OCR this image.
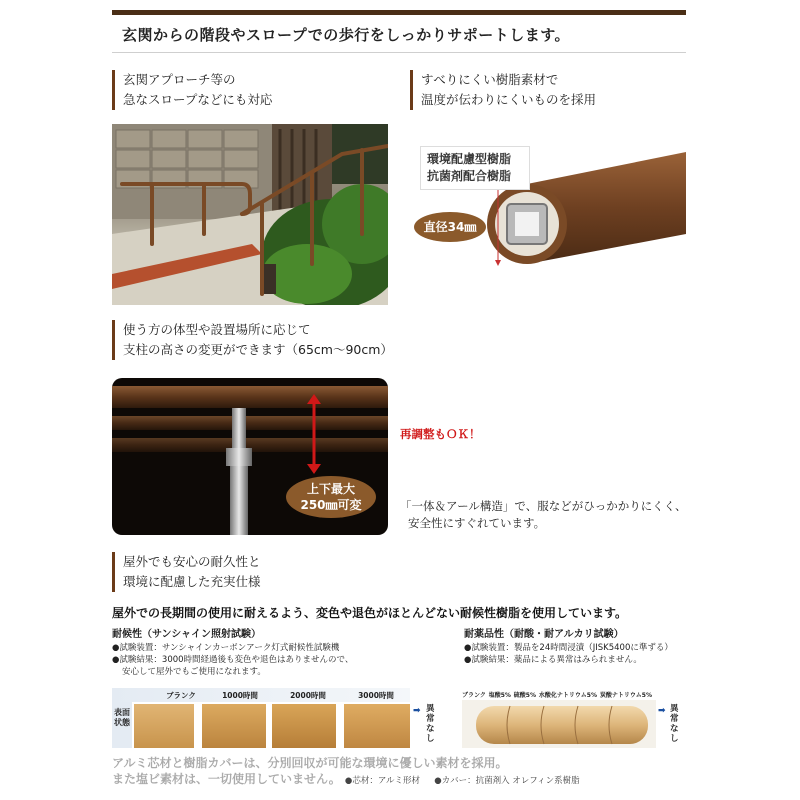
玄関からの階段やスロープでの歩行をしっかりサポートします。
玄関アプローチ等の
急なスロープなどにも対応
すべりにくい樹脂素材で
温度が伝わりにくいものを採用
環境配慮型樹脂
抗菌剤配合樹脂
直径34㎜
使う方の体型や設置場所に応じて
支柱の高さの変更ができます（65cm〜90cm）
上下最大
250㎜可変
再調整もＯＫ！
「一体＆アール構造」で、服などがひっかかりにくく、
安全性にすぐれています。
屋外でも安心の耐久性と
環境に配慮した充実仕様
屋外での長期間の使用に耐えるよう、変色や退色がほとんどない耐候性樹脂を使用しています。
耐候性（サンシャイン照射試験）
●試験装置：サンシャインカーボンアーク灯式耐候性試験機
●試験結果：3000時間経過後も変色や退色はありませんので、
安心して屋外でもご使用になれます。
耐薬品性（耐酸・耐アルカリ試験）
●試験装置：製品を24時間浸漬（JISK5400に準ずる）
●試験結果：薬品による異常はみられません。
ブランク	1000時間	2000時間	3000時間
表面状態
➡ 異常なし
ブランク 塩酸5% 硫酸5% 水酸化ナトリウム5% 炭酸ナトリウム5%
➡ 異常なし
アルミ芯材と樹脂カバーは、分別回収が可能な環境に優しい素材を採用。
また塩ビ素材は、一切使用していません。 ●芯材：アルミ形材 ●カバー：抗菌剤入 オレフィン系樹脂
